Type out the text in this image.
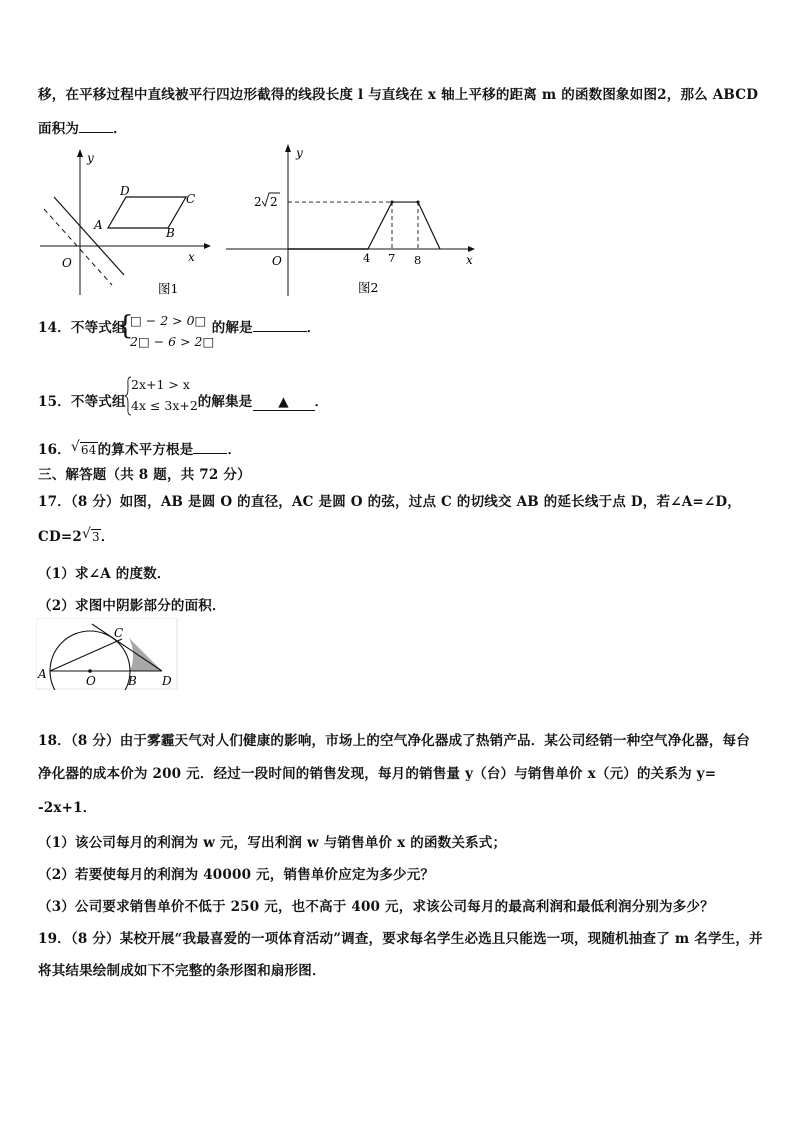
移，在平移过程中直线被平行四边形截得的线段长度 l 与直线在 x 轴上平移的距离 m 的函数图象如图2，那么 ABCD
面积为	．
y
x
O
A
B
C
D
图1
y
x
O
2 2
4 7 8
图2
14．不等式组	的解是	．
{
□ − 2 > 0□
2□ − 6 > 2□
15．不等式组	的解集是 ▲ ．
2x+1 > x
4x ≤ 3x+2
16． √ 64的算术平方根是	．
三、解答题（共 8 题，共 72 分）
17．（8 分）如图，AB 是圆 O 的直径，AC 是圆 O 的弦，过点 C 的切线交 AB 的延长线于点 D，若∠A=∠D，
CD=2 √ 3．
（1）求∠A 的度数．
（2）求图中阴影部分的面积．
A	O	B
C
D
18．（8 分）由于雾霾天气对人们健康的影响，市场上的空气净化器成了热销产品．某公司经销一种空气净化器，每台
净化器的成本价为 200 元．经过一段时间的销售发现，每月的销售量 y（台）与销售单价 x（元）的关系为 y=
-2x+1．
（1）该公司每月的利润为 w 元，写出利润 w 与销售单价 x 的函数关系式；
（2）若要使每月的利润为 40000 元，销售单价应定为多少元？
（3）公司要求销售单价不低于 250 元，也不高于 400 元，求该公司每月的最高利润和最低利润分别为多少？
19．（8 分）某校开展“我最喜爱的一项体育活动”调查，要求每名学生必选且只能选一项，现随机抽查了 m 名学生，并
将其结果绘制成如下不完整的条形图和扇形图．
